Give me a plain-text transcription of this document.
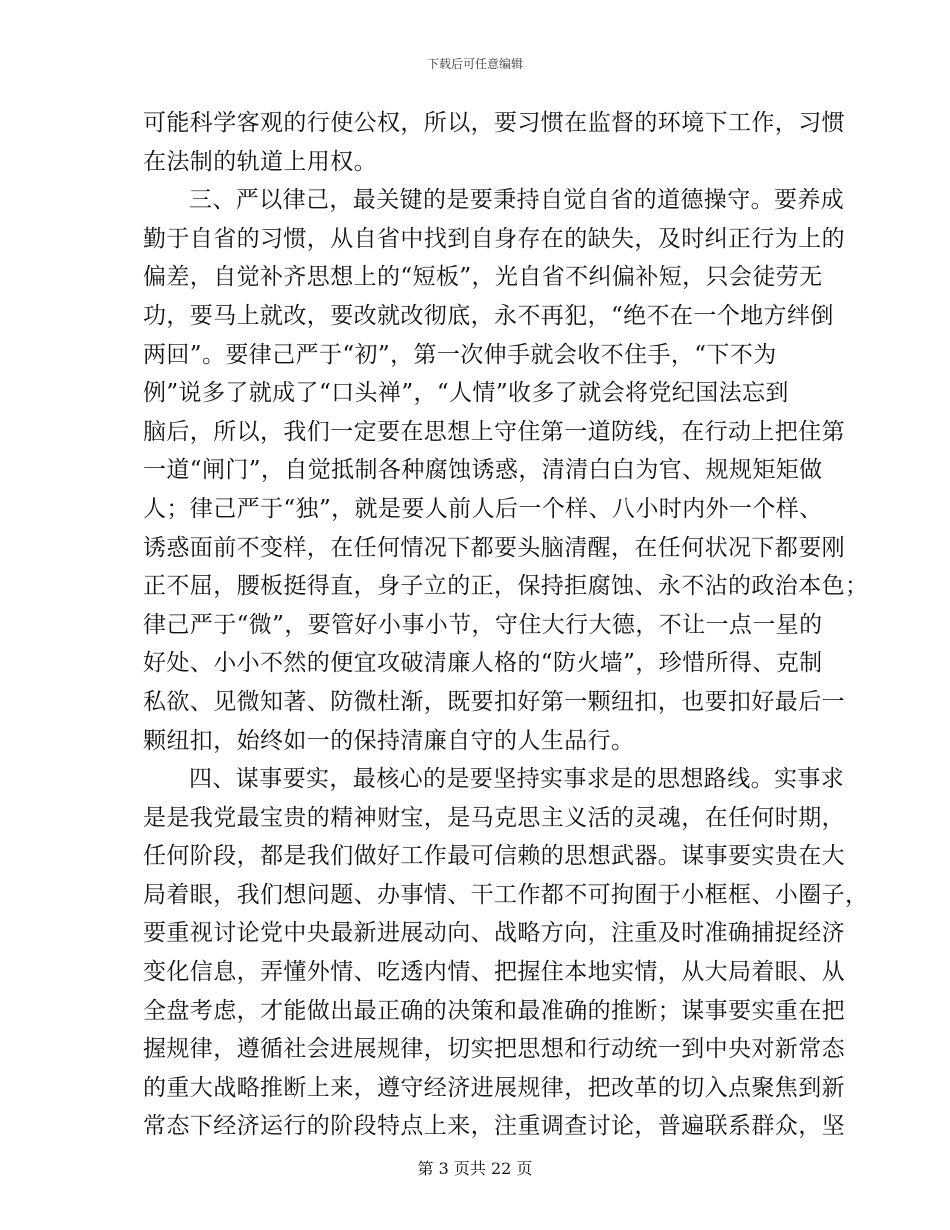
下载后可任意编辑
可能科学客观的行使公权，所以，要习惯在监督的环境下工作，习惯
在法制的轨道上用权。
三、严以律己，最关键的是要秉持自觉自省的道德操守。要养成
勤于自省的习惯，从自省中找到自身存在的缺失，及时纠正行为上的
偏差，自觉补齐思想上的“短板”，光自省不纠偏补短，只会徒劳无
功，要马上就改，要改就改彻底，永不再犯，“绝不在一个地方绊倒
两回”。要律己严于“初”，第一次伸手就会收不住手，“下不为
例”说多了就成了“口头禅”，“人情”收多了就会将党纪国法忘到
脑后，所以，我们一定要在思想上守住第一道防线，在行动上把住第
一道“闸门”，自觉抵制各种腐蚀诱惑，清清白白为官、规规矩矩做
人；律己严于“独”，就是要人前人后一个样、八小时内外一个样、
诱惑面前不变样，在任何情况下都要头脑清醒，在任何状况下都要刚
正不屈，腰板挺得直，身子立的正，保持拒腐蚀、永不沾的政治本色；
律己严于“微”，要管好小事小节，守住大行大德，不让一点一星的
好处、小小不然的便宜攻破清廉人格的“防火墙”，珍惜所得、克制
私欲、见微知著、防微杜渐，既要扣好第一颗纽扣，也要扣好最后一
颗纽扣，始终如一的保持清廉自守的人生品行。
四、谋事要实，最核心的是要坚持实事求是的思想路线。实事求
是是我党最宝贵的精神财宝，是马克思主义活的灵魂，在任何时期，
任何阶段，都是我们做好工作最可信赖的思想武器。谋事要实贵在大
局着眼，我们想问题、办事情、干工作都不可拘囿于小框框、小圈子，
要重视讨论党中央最新进展动向、战略方向，注重及时准确捕捉经济
变化信息，弄懂外情、吃透内情、把握住本地实情，从大局着眼、从
全盘考虑，才能做出最正确的决策和最准确的推断；谋事要实重在把
握规律，遵循社会进展规律，切实把思想和行动统一到中央对新常态
的重大战略推断上来，遵守经济进展规律，把改革的切入点聚焦到新
常态下经济运行的阶段特点上来，注重调查讨论，普遍联系群众，坚
第 3 页共 22 页
